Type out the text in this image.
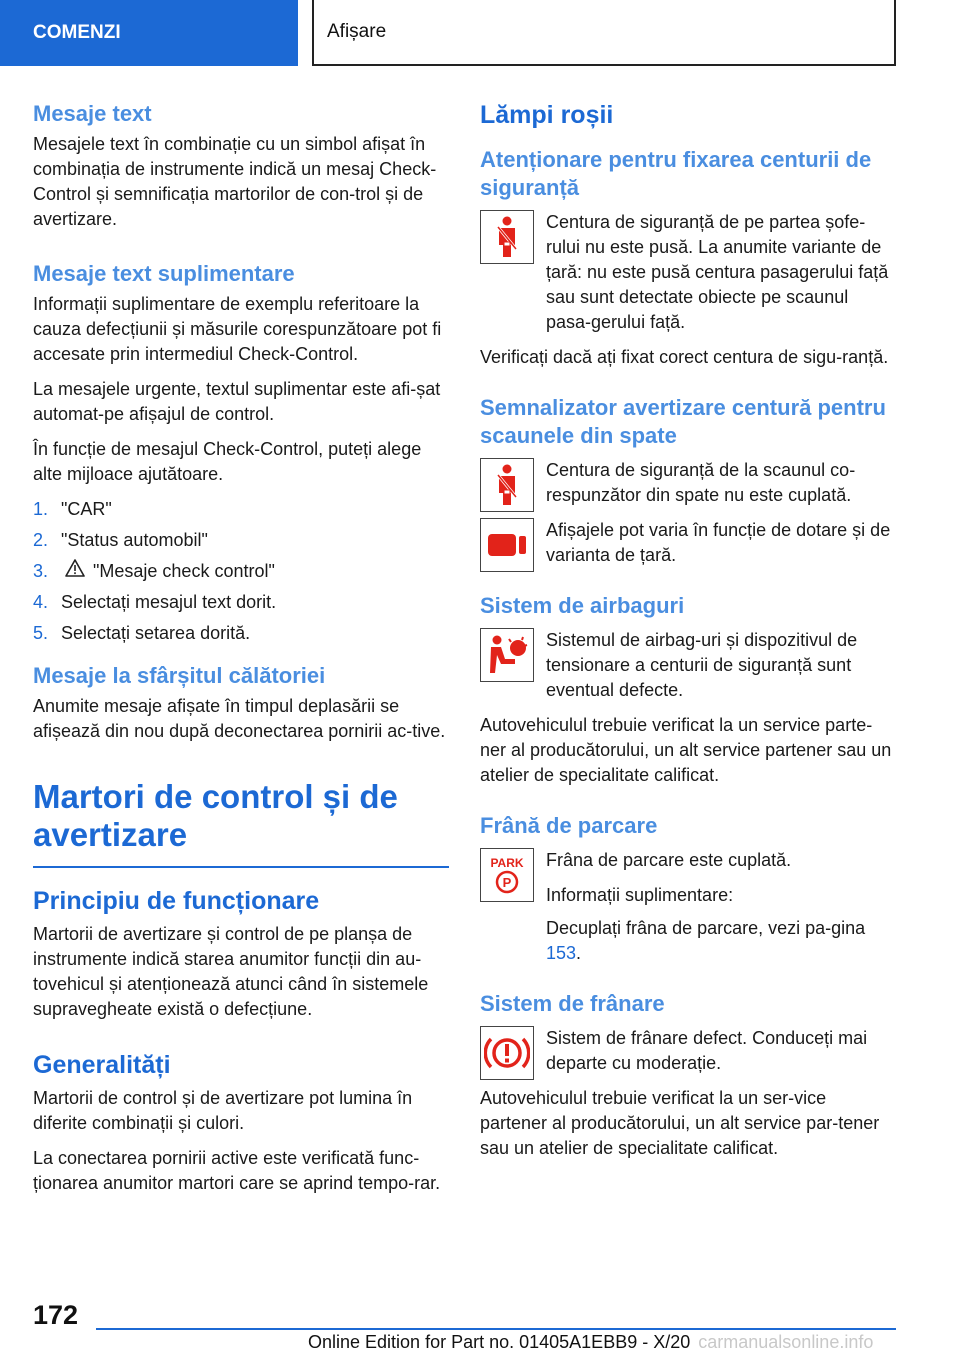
COMENZI	Afișare
Mesaje text

Mesajele text în combinație cu un simbol afișat în combinația de instrumente indică un mesaj Check-Control și semnificația martorilor de con-trol și de avertizare.

Mesaje text suplimentare

Informații suplimentare de exemplu referitoare la cauza defecțiunii și măsurile corespunzătoare pot fi accesate prin intermediul Check-Control.

La mesajele urgente, textul suplimentar este afi-șat automat-pe afișajul de control.

În funcție de mesajul Check-Control, puteți alege alte mijloace ajutătoare.

1. "CAR"
2. "Status automobil"
3.	"Mesaje check control"
4. Selectați mesajul text dorit.
5. Selectați setarea dorită.
Mesaje la sfârșitul călătoriei

Anumite mesaje afișate în timpul deplasării se afișează din nou după deconectarea pornirii ac-tive.

Martori de control și de avertizare
Principiu de funcționare

Martorii de avertizare și control de pe planșa de instrumente indică starea anumitor funcții din au-tovehicul și atenționează atunci când în sistemele supravegheate există o defecțiune.

Generalități

Martorii de control și de avertizare pot lumina în diferite combinații și culori.

La conectarea pornirii active este verificată func-ționarea anumitor martori care se aprind tempo-rar.

Lămpi roșii
Atenționare pentru fixarea centurii de siguranță

Centura de siguranță de pe partea șofe-rului nu este pusă. La anumite variante de țară: nu este pusă centura pasagerului față sau sunt detectate obiecte pe scaunul pasa-gerului față.

Verificați dacă ați fixat corect centura de sigu-ranță.

Semnalizator avertizare centură pentru scaunele din spate

Centura de siguranță de la scaunul co-respunzător din spate nu este cuplată.

Afișajele pot varia în funcție de dotare și de varianta de țară.

Sistem de airbaguri

Sistemul de airbag-uri și dispozitivul de tensionare a centurii de siguranță sunt eventual defecte.

Autovehiculul trebuie verificat la un service parte-ner al producătorului, un alt service partener sau un atelier de specialitate calificat.

Frână de parcare
PARK
P

Frâna de parcare este cuplată.

Informații suplimentare:

Decuplați frâna de parcare, vezi pa-gina 153.

Sistem de frânare

Sistem de frânare defect. Conduceți mai departe cu moderație.

Autovehiculul trebuie verificat la un ser-vice partener al producătorului, un alt service par-tener sau un atelier de specialitate calificat.

172
Online Edition for Part no. 01405A1EBB9 - X/20 carmanualsonline.info
